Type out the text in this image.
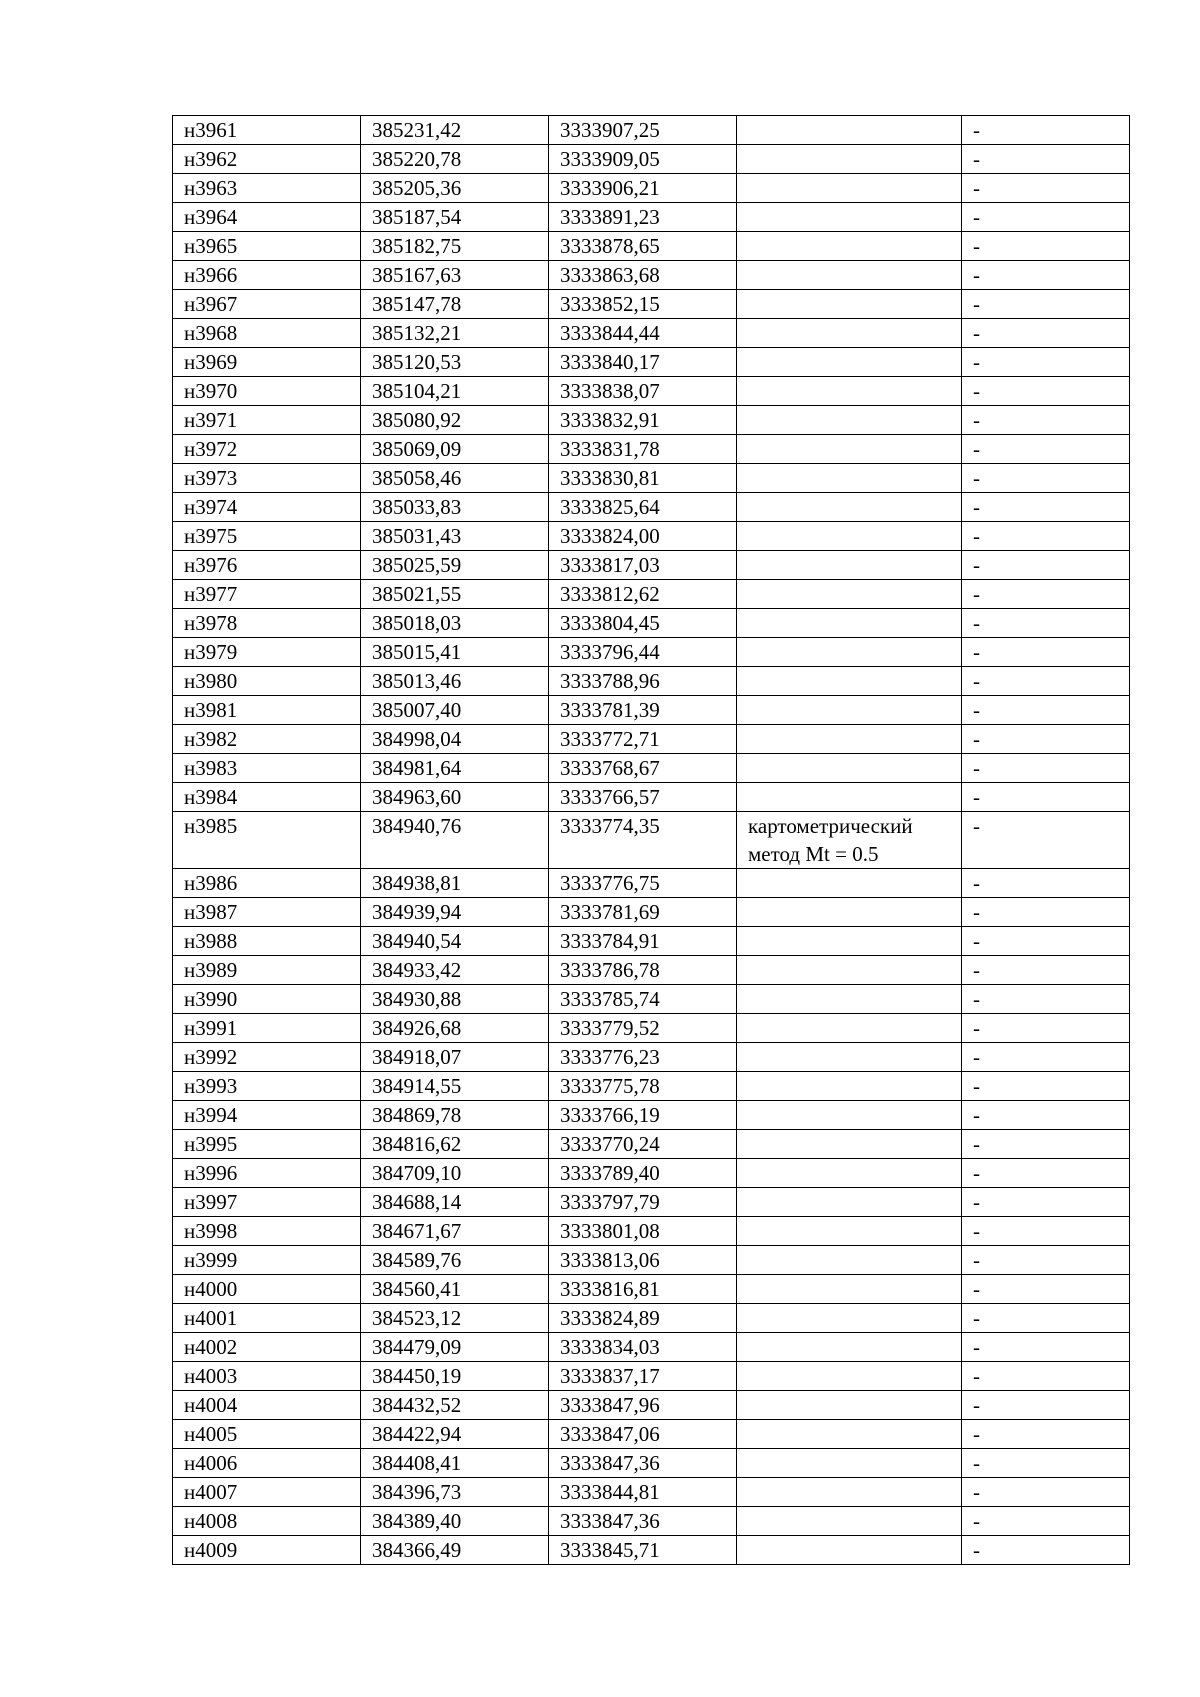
н3961	385231,42	3333907,25		-
н3962	385220,78	3333909,05		-
н3963	385205,36	3333906,21		-
н3964	385187,54	3333891,23		-
н3965	385182,75	3333878,65		-
н3966	385167,63	3333863,68		-
н3967	385147,78	3333852,15		-
н3968	385132,21	3333844,44		-
н3969	385120,53	3333840,17		-
н3970	385104,21	3333838,07		-
н3971	385080,92	3333832,91		-
н3972	385069,09	3333831,78		-
н3973	385058,46	3333830,81		-
н3974	385033,83	3333825,64		-
н3975	385031,43	3333824,00		-
н3976	385025,59	3333817,03		-
н3977	385021,55	3333812,62		-
н3978	385018,03	3333804,45		-
н3979	385015,41	3333796,44		-
н3980	385013,46	3333788,96		-
н3981	385007,40	3333781,39		-
н3982	384998,04	3333772,71		-
н3983	384981,64	3333768,67		-
н3984	384963,60	3333766,57		-
н3985	384940,76	3333774,35	картометрический метод Mt = 0.5	-
н3986	384938,81	3333776,75		-
н3987	384939,94	3333781,69		-
н3988	384940,54	3333784,91		-
н3989	384933,42	3333786,78		-
н3990	384930,88	3333785,74		-
н3991	384926,68	3333779,52		-
н3992	384918,07	3333776,23		-
н3993	384914,55	3333775,78		-
н3994	384869,78	3333766,19		-
н3995	384816,62	3333770,24		-
н3996	384709,10	3333789,40		-
н3997	384688,14	3333797,79		-
н3998	384671,67	3333801,08		-
н3999	384589,76	3333813,06		-
н4000	384560,41	3333816,81		-
н4001	384523,12	3333824,89		-
н4002	384479,09	3333834,03		-
н4003	384450,19	3333837,17		-
н4004	384432,52	3333847,96		-
н4005	384422,94	3333847,06		-
н4006	384408,41	3333847,36		-
н4007	384396,73	3333844,81		-
н4008	384389,40	3333847,36		-
н4009	384366,49	3333845,71		-
